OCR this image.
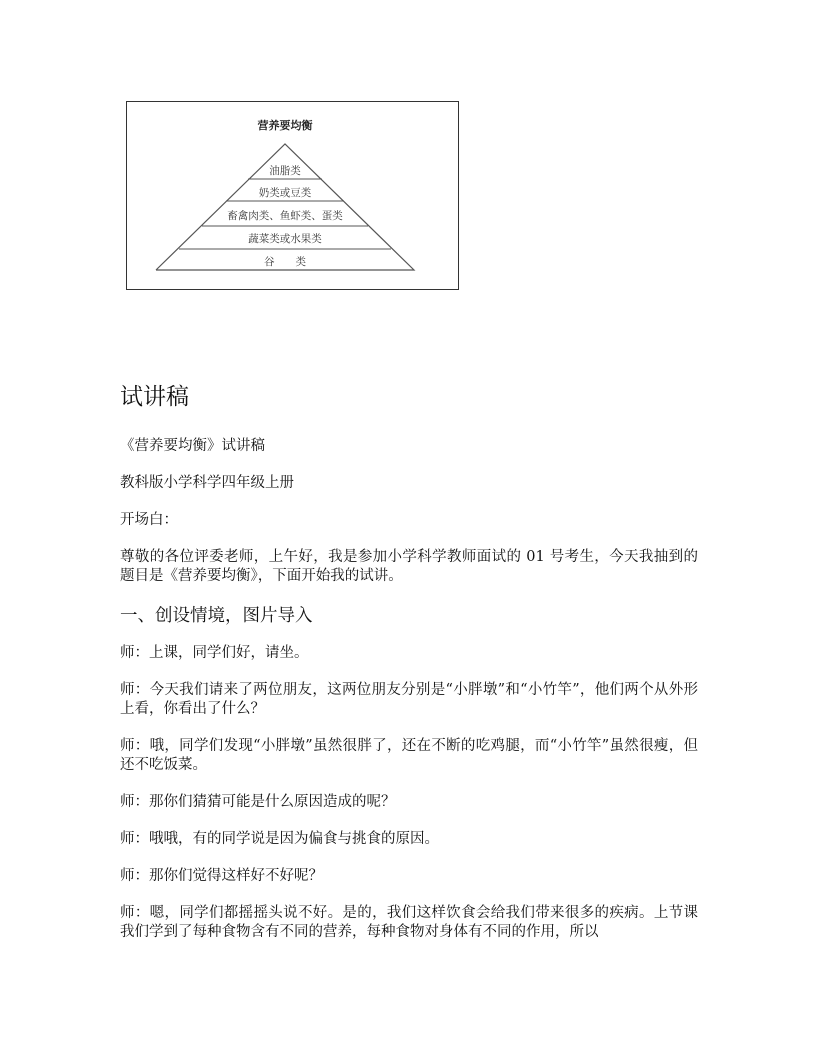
营养要均衡
油脂类
奶类或豆类
畜禽肉类、鱼虾类、蛋类
蔬菜类或水果类
谷　　类
试讲稿

《营养要均衡》试讲稿

教科版小学科学四年级上册

开场白：

尊敬的各位评委老师，上午好，我是参加小学科学教师面试的 01 号考生，今天我抽到的题目是《营养要均衡》，下面开始我的试讲。

一、创设情境，图片导入

师：上课，同学们好，请坐。

师：今天我们请来了两位朋友，这两位朋友分别是“小胖墩”和“小竹竿”，他们两个从外形上看，你看出了什么？

师：哦，同学们发现“小胖墩”虽然很胖了，还在不断的吃鸡腿，而“小竹竿”虽然很瘦，但还不吃饭菜。

师：那你们猜猜可能是什么原因造成的呢？

师：哦哦，有的同学说是因为偏食与挑食的原因。

师：那你们觉得这样好不好呢？

师：嗯，同学们都摇摇头说不好。是的，我们这样饮食会给我们带来很多的疾病。上节课我们学到了每种食物含有不同的营养，每种食物对身体有不同的作用，所以
